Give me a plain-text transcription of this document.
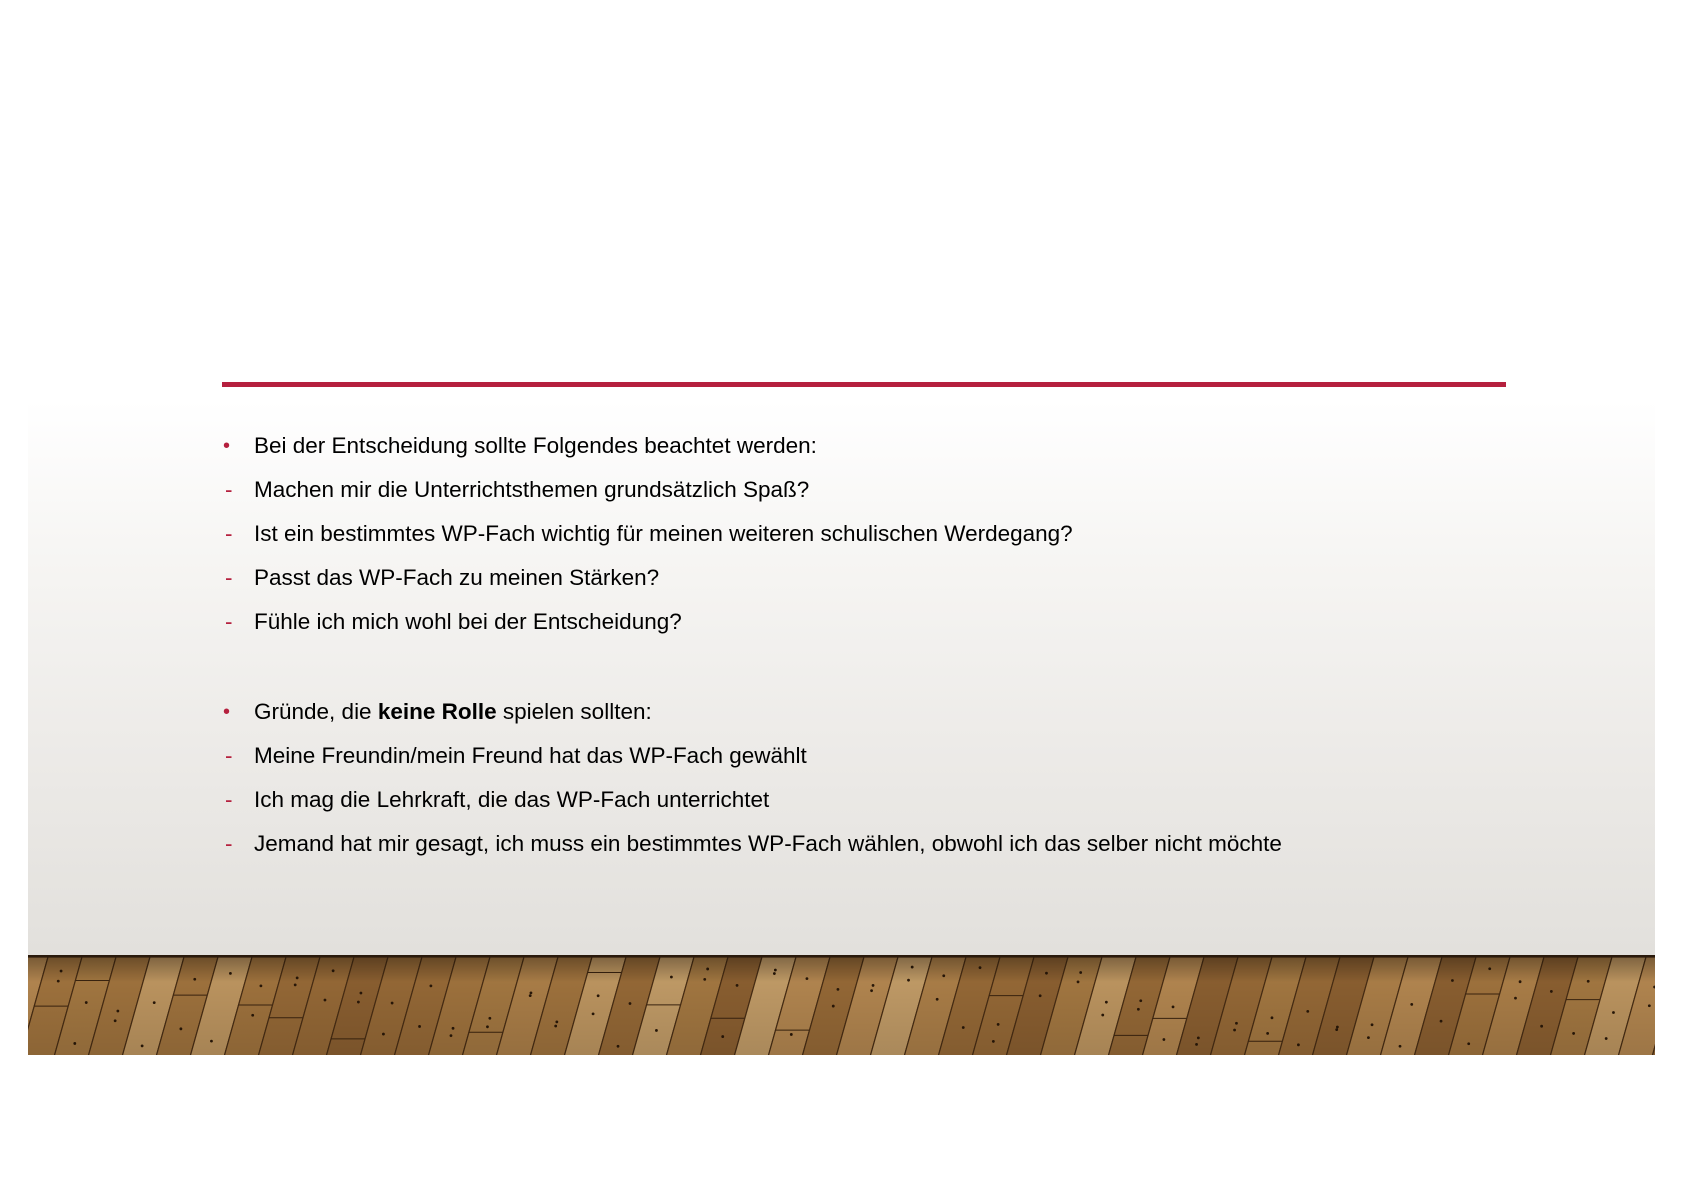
•	Bei der Entscheidung sollte Folgendes beachtet werden:
- Machen mir die Unterrichtsthemen grundsätzlich Spaß?
- Ist ein bestimmtes WP-Fach wichtig für meinen weiteren schulischen Werdegang?
- Passt das WP-Fach zu meinen Stärken?
- Fühle ich mich wohl bei der Entscheidung?
•	Gründe, die keine Rolle spielen sollten:
- Meine Freundin/mein Freund hat das WP-Fach gewählt
- Ich mag die Lehrkraft, die das WP-Fach unterrichtet
- Jemand hat mir gesagt, ich muss ein bestimmtes WP-Fach wählen, obwohl ich das selber nicht möchte
